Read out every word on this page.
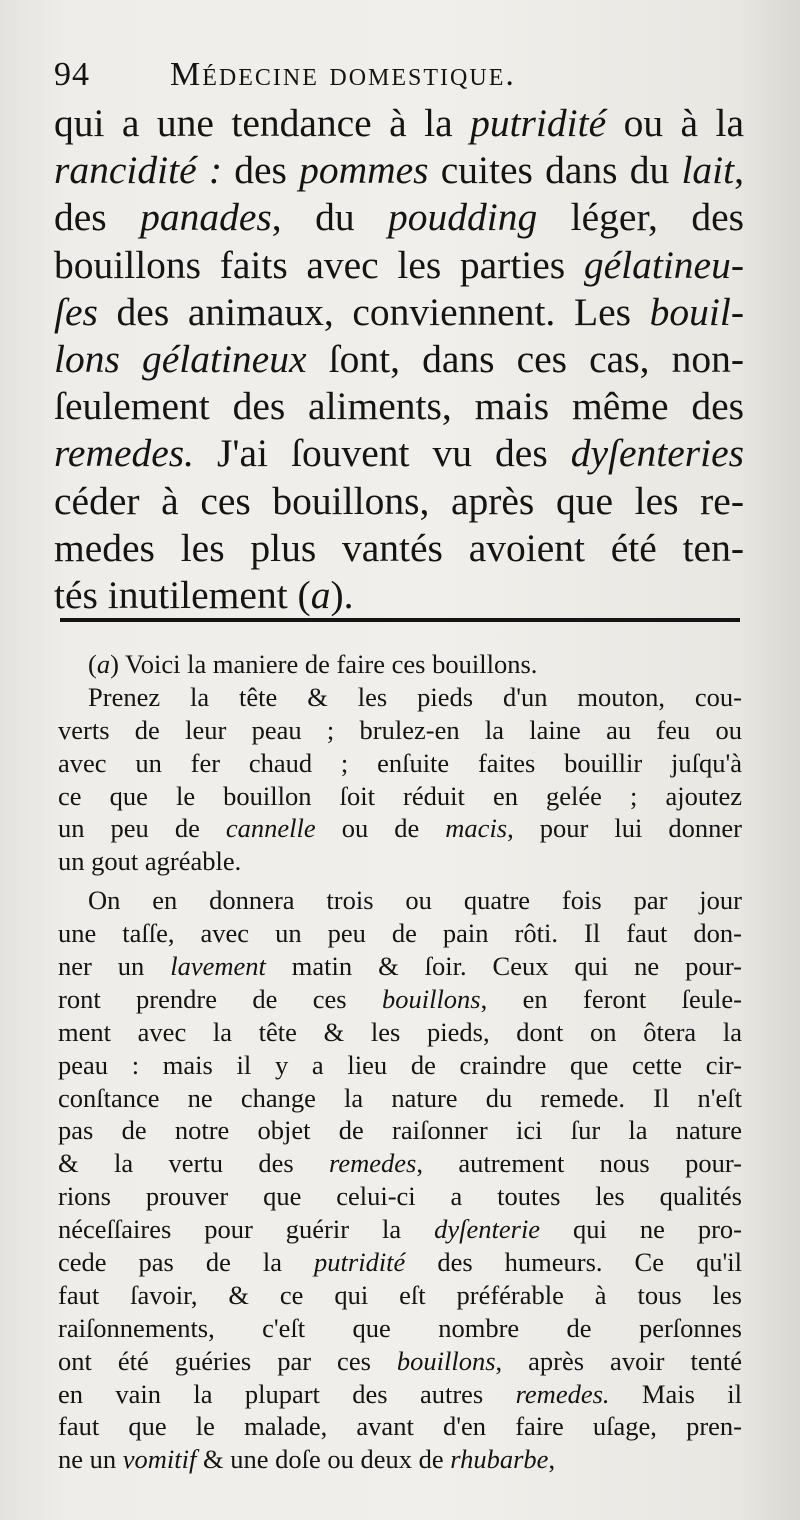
94 Médecine domestique.
qui a une tendance à la putridité ou à la
rancidité : des pommes cuites dans du lait,
des panades, du poudding léger, des
bouillons faits avec les parties gélatineu-
ſes des animaux, conviennent. Les bouil-
lons gélatineux ſont, dans ces cas, non-
ſeulement des aliments, mais même des
remedes. J'ai ſouvent vu des dyſenteries
céder à ces bouillons, après que les re-
medes les plus vantés avoient été ten-
tés inutilement (a).
(a) Voici la maniere de faire ces bouillons.
Prenez la tête & les pieds d'un mouton, cou-
verts de leur peau ; brulez-en la laine au feu ou
avec un fer chaud ; enſuite faites bouillir juſqu'à
ce que le bouillon ſoit réduit en gelée ; ajoutez
un peu de cannelle ou de macis, pour lui donner
un gout agréable.
On en donnera trois ou quatre fois par jour
une taſſe, avec un peu de pain rôti. Il faut don-
ner un lavement matin & ſoir. Ceux qui ne pour-
ront prendre de ces bouillons, en feront ſeule-
ment avec la tête & les pieds, dont on ôtera la
peau : mais il y a lieu de craindre que cette cir-
conſtance ne change la nature du remede. Il n'eſt
pas de notre objet de raiſonner ici ſur la nature
& la vertu des remedes, autrement nous pour-
rions prouver que celui-ci a toutes les qualités
néceſſaires pour guérir la dyſenterie qui ne pro-
cede pas de la putridité des humeurs. Ce qu'il
faut ſavoir, & ce qui eſt préférable à tous les
raiſonnements, c'eſt que nombre de perſonnes
ont été guéries par ces bouillons, après avoir tenté
en vain la plupart des autres remedes. Mais il
faut que le malade, avant d'en faire uſage, pren-
ne un vomitif & une doſe ou deux de rhubarbe,
